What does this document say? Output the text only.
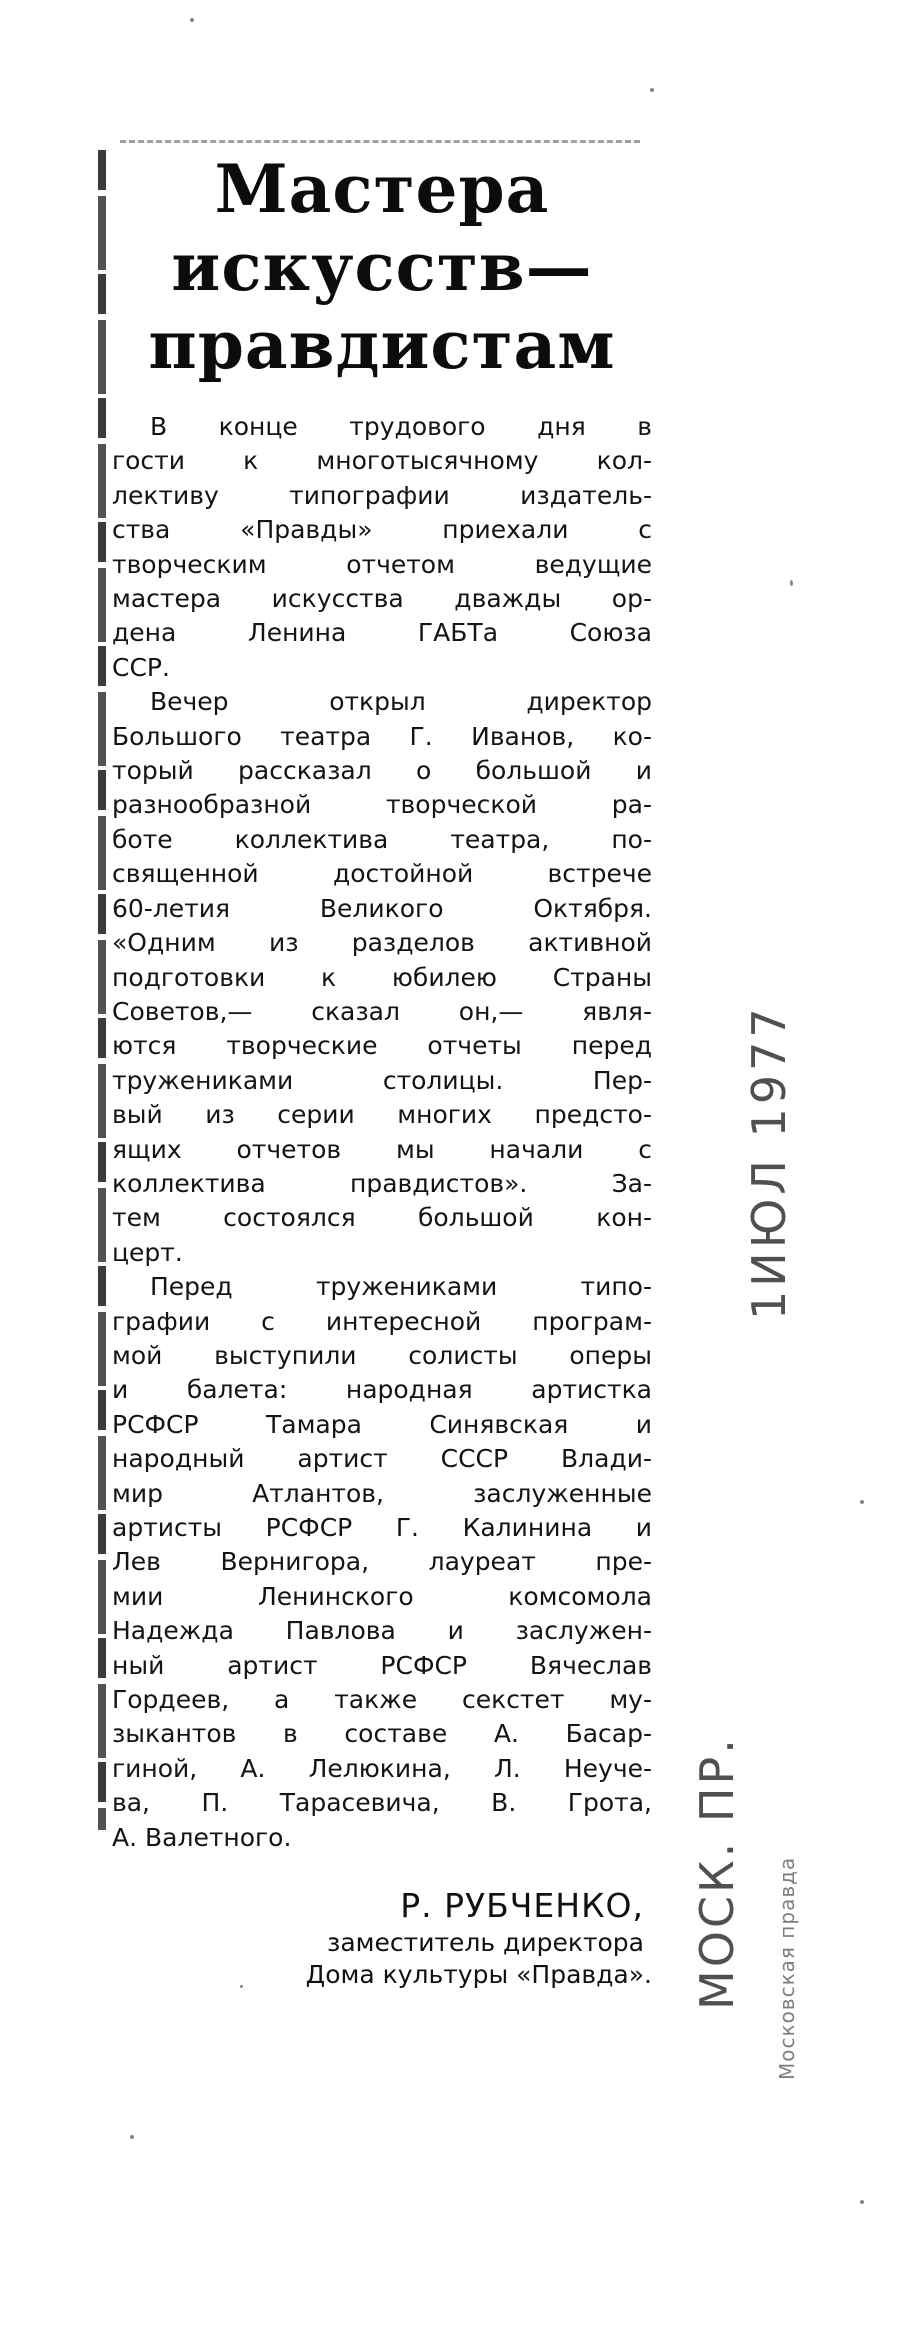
Мастера
искусств—
правдистам

В конце трудового дня в
гости к многотысячному кол-
лективу типографии издатель-
ства «Правды» приехали с
творческим отчетом ведущие
мастера искусства дважды ор-
дена Ленина ГАБТа Союза
ССР.

Вечер открыл директор
Большого театра Г. Иванов, ко-
торый рассказал о большой и
разнообразной творческой ра-
боте коллектива театра, по-
священной достойной встрече
60-летия Великого Октября.
«Одним из разделов активной
подготовки к юбилею Страны
Советов,— сказал он,— явля-
ются творческие отчеты перед
тружениками столицы. Пер-
вый из серии многих предсто-
ящих отчетов мы начали с
коллектива правдистов». За-
тем состоялся большой кон-
церт.

Перед тружениками типо-
графии с интересной програм-
мой выступили солисты оперы
и балета: народная артистка
РСФСР Тамара Синявская и
народный артист СССР Влади-
мир Атлантов, заслуженные
артисты РСФСР Г. Калинина и
Лев Вернигора, лауреат пре-
мии Ленинского комсомола
Надежда Павлова и заслужен-
ный артист РСФСР Вячеслав
Гордеев, а также секстет му-
зыкантов в составе А. Басар-
гиной, А. Лелюкина, Л. Неуче-
ва, П. Тарасевича, В. Грота,
А. Валетного.

Р. РУБЧЕНКО,
заместитель директора
Дома культуры «Правда».
1ИЮЛ 1977
МОСК. ПР. Московская правда
